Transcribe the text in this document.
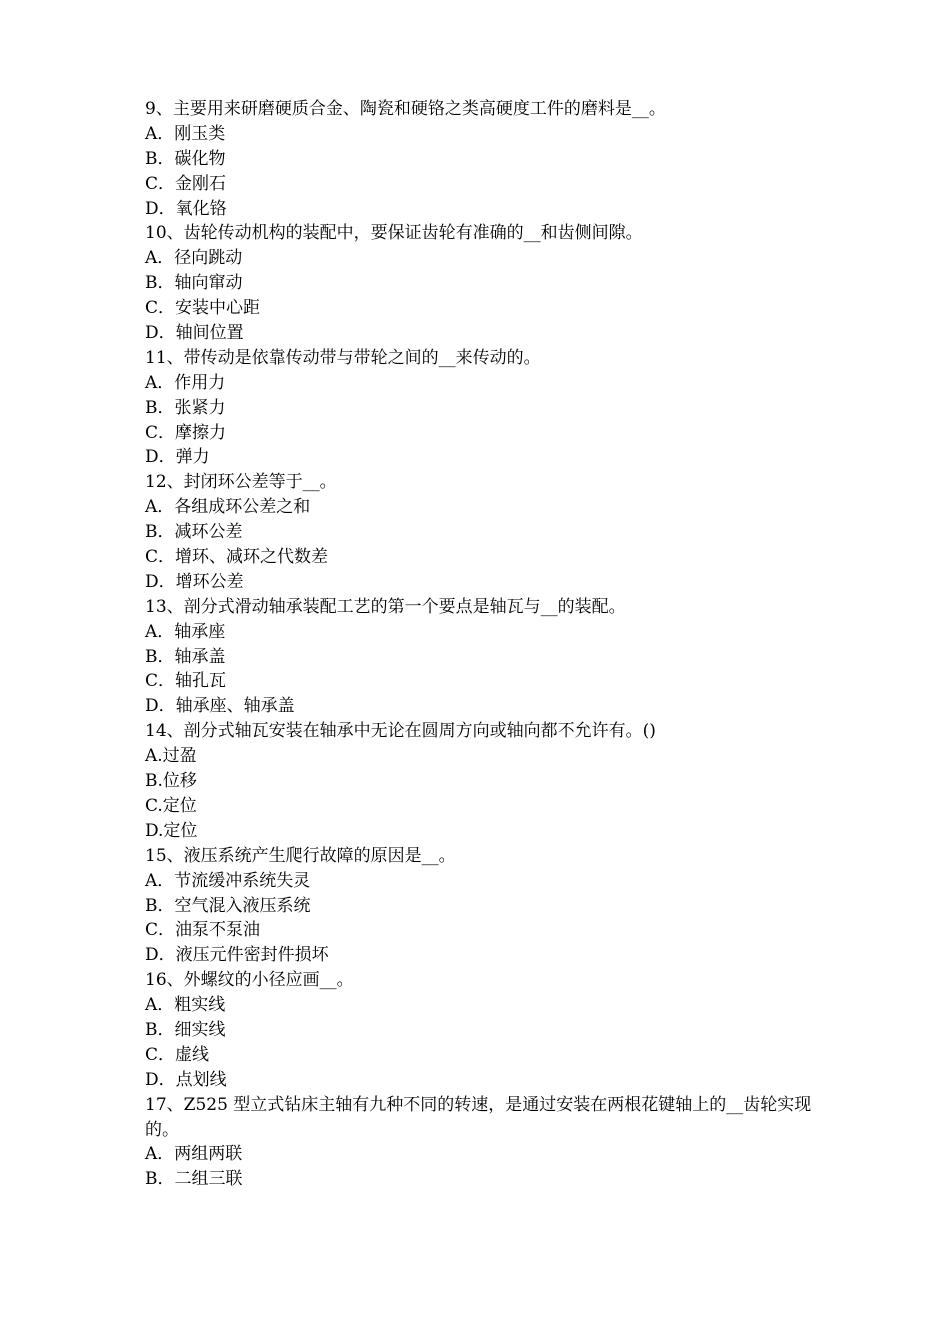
9、主要用来研磨硬质合金、陶瓷和硬铬之类高硬度工件的磨料是__。
A．刚玉类
B．碳化物
C．金刚石
D．氧化铬
10、齿轮传动机构的装配中，要保证齿轮有准确的__和齿侧间隙。
A．径向跳动
B．轴向窜动
C．安装中心距
D．轴间位置
11、带传动是依靠传动带与带轮之间的__来传动的。
A．作用力
B．张紧力
C．摩擦力
D．弹力
12、封闭环公差等于__。
A．各组成环公差之和
B．减环公差
C．增环、减环之代数差
D．增环公差
13、剖分式滑动轴承装配工艺的第一个要点是轴瓦与__的装配。
A．轴承座
B．轴承盖
C．轴孔瓦
D．轴承座、轴承盖
14、剖分式轴瓦安装在轴承中无论在圆周方向或轴向都不允许有。()
A.过盈
B.位移
C.定位
D.定位
15、液压系统产生爬行故障的原因是__。
A．节流缓冲系统失灵
B．空气混入液压系统
C．油泵不泵油
D．液压元件密封件损坏
16、外螺纹的小径应画__。
A．粗实线
B．细实线
C．虚线
D．点划线
17、Z525 型立式钻床主轴有九种不同的转速，是通过安装在两根花键轴上的__齿轮实现的。
A．两组两联
B．二组三联
